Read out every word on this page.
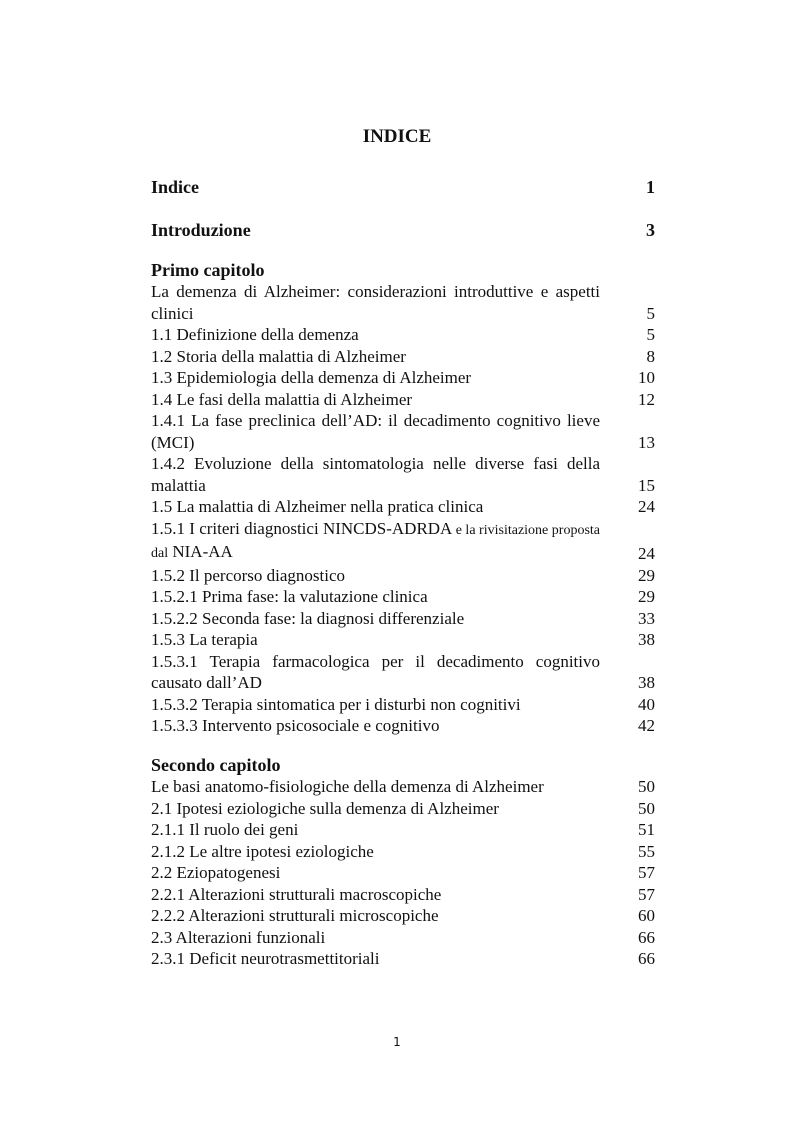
INDICE
Indice	1
Introduzione	3
Primo capitolo
La demenza di Alzheimer: considerazioni introduttive e aspetti clinici	5
1.1 Definizione della demenza	5
1.2 Storia della malattia di Alzheimer	8
1.3 Epidemiologia della demenza di Alzheimer	10
1.4 Le fasi della malattia di Alzheimer	12
1.4.1 La fase preclinica dell’AD: il decadimento cognitivo lieve (MCI)	13
1.4.2 Evoluzione della sintomatologia nelle diverse fasi della malattia	15
1.5 La malattia di Alzheimer nella pratica clinica	24
1.5.1 I criteri diagnostici NINCDS-ADRDA e la rivisitazione proposta dal NIA-AA	24
1.5.2 Il percorso diagnostico	29
1.5.2.1 Prima fase: la valutazione clinica	29
1.5.2.2 Seconda fase: la diagnosi differenziale	33
1.5.3 La terapia	38
1.5.3.1 Terapia farmacologica per il decadimento cognitivo causato dall’AD	38
1.5.3.2 Terapia sintomatica per i disturbi non cognitivi	40
1.5.3.3 Intervento psicosociale e cognitivo	42
Secondo capitolo
Le basi anatomo-fisiologiche della demenza di Alzheimer	50
2.1 Ipotesi eziologiche sulla demenza di Alzheimer	50
2.1.1 Il ruolo dei geni	51
2.1.2 Le altre ipotesi eziologiche	55
2.2 Eziopatogenesi	57
2.2.1 Alterazioni strutturali macroscopiche	57
2.2.2 Alterazioni strutturali microscopiche	60
2.3 Alterazioni funzionali	66
2.3.1 Deficit neurotrasmettitoriali	66
1
